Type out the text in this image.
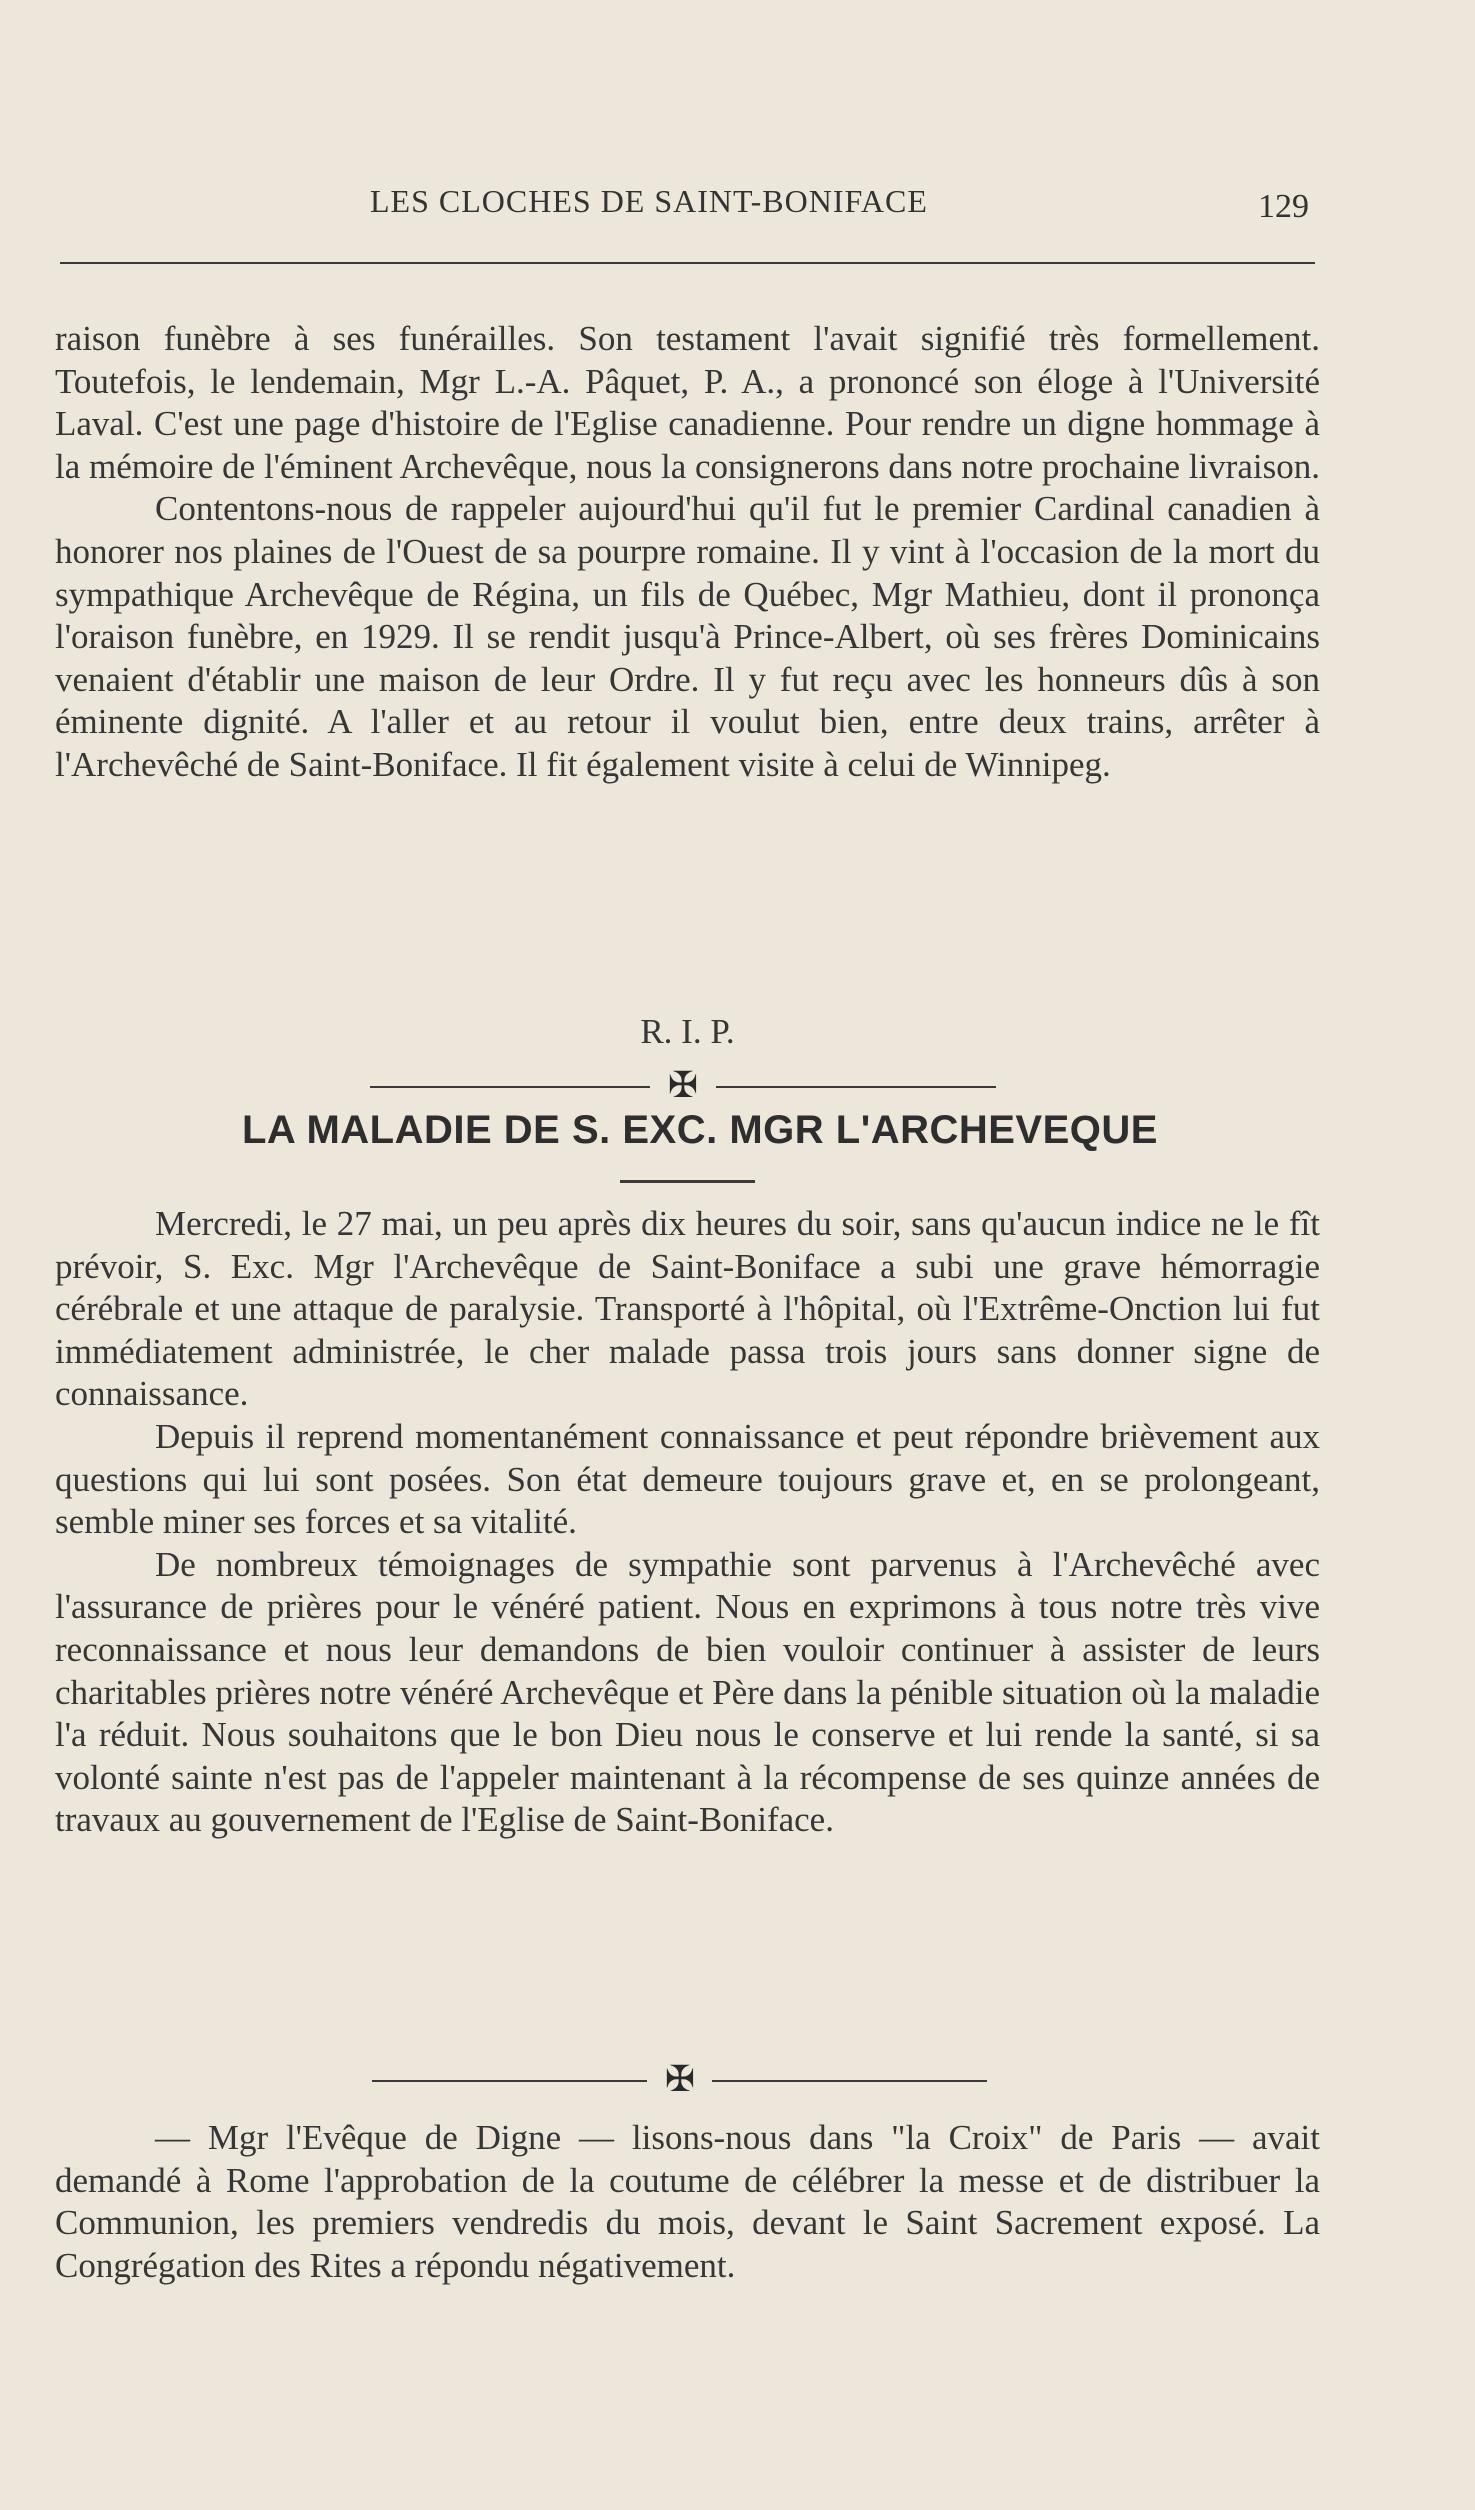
LES CLOCHES DE SAINT-BONIFACE	129

raison funèbre à ses funérailles. Son testament l'avait signifié très formellement. Toutefois, le lendemain, Mgr L.-A. Pâquet, P. A., a prononcé son éloge à l'Université Laval. C'est une page d'histoire de l'Eglise canadienne. Pour rendre un digne hommage à la mémoire de l'éminent Archevêque, nous la consignerons dans notre prochaine livraison.

Contentons-nous de rappeler aujourd'hui qu'il fut le premier Cardinal canadien à honorer nos plaines de l'Ouest de sa pourpre romaine. Il y vint à l'occasion de la mort du sympathique Archevêque de Régina, un fils de Québec, Mgr Mathieu, dont il prononça l'oraison funèbre, en 1929. Il se rendit jusqu'à Prince-Albert, où ses frères Dominicains venaient d'établir une maison de leur Ordre. Il y fut reçu avec les honneurs dûs à son éminente dignité. A l'aller et au retour il voulut bien, entre deux trains, arrêter à l'Archevêché de Saint-Boniface. Il fit également visite à celui de Winnipeg.

R. I. P.
✠
LA MALADIE DE S. EXC. MGR L'ARCHEVEQUE

Mercredi, le 27 mai, un peu après dix heures du soir, sans qu'aucun indice ne le fît prévoir, S. Exc. Mgr l'Archevêque de Saint-Boniface a subi une grave hémorragie cérébrale et une attaque de paralysie. Transporté à l'hôpital, où l'Extrême-Onction lui fut immédiatement administrée, le cher malade passa trois jours sans donner signe de connaissance.

Depuis il reprend momentanément connaissance et peut répondre brièvement aux questions qui lui sont posées. Son état demeure toujours grave et, en se prolongeant, semble miner ses forces et sa vitalité.

De nombreux témoignages de sympathie sont parvenus à l'Archevêché avec l'assurance de prières pour le vénéré patient. Nous en exprimons à tous notre très vive reconnaissance et nous leur demandons de bien vouloir continuer à assister de leurs charitables prières notre vénéré Archevêque et Père dans la pénible situation où la maladie l'a réduit. Nous souhaitons que le bon Dieu nous le conserve et lui rende la santé, si sa volonté sainte n'est pas de l'appeler maintenant à la récompense de ses quinze années de travaux au gouvernement de l'Eglise de Saint-Boniface.

✠

— Mgr l'Evêque de Digne — lisons-nous dans "la Croix" de Paris — avait demandé à Rome l'approbation de la coutume de célébrer la messe et de distribuer la Communion, les premiers vendredis du mois, devant le Saint Sacrement exposé. La Congrégation des Rites a répondu négativement.
